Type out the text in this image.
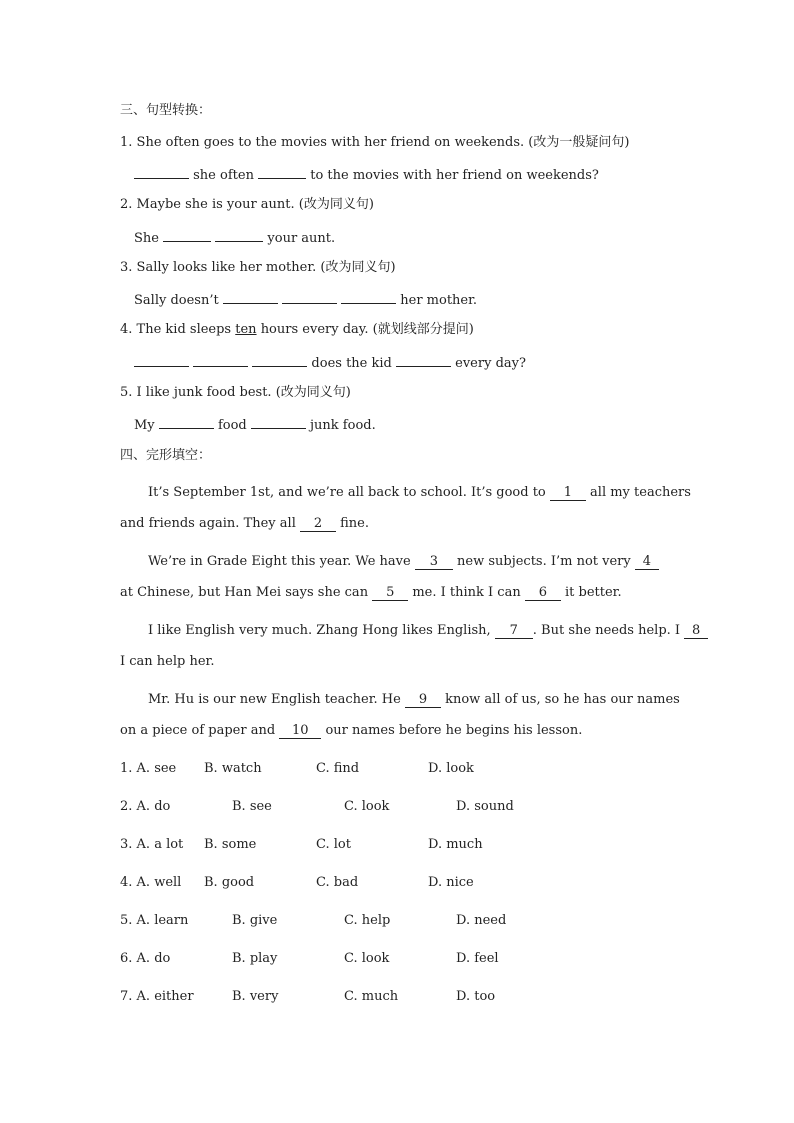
三、句型转换：
1. She often goes to the movies with her friend on weekends. (改为一般疑问句)
she often	to the movies with her friend on weekends?
2. Maybe she is your aunt. (改为同义句)
She	your aunt.
3. Sally looks like her mother. (改为同义句)
Sally doesn’t	her mother.
4. The kid sleeps ten hours every day. (就划线部分提问)
does the kid	every day?
5. I like junk food best. (改为同义句)
My	food	junk food.
四、完形填空：
It’s September 1st, and we’re all back to school. It’s good to 1 all my teachers
and friends again. They all 2 fine.
We’re in Grade Eight this year. We have 3 new subjects. I’m not very 4
at Chinese, but Han Mei says she can 5 me. I think I can 6 it better.
I like English very much. Zhang Hong likes English, 7 . But she needs help. I 8
I can help her.
Mr. Hu is our new English teacher. He 9 know all of us, so he has our names
on a piece of paper and 10 our names before he begins his lesson.
1. A. see B. watch	C. find	D. look
2. A. do	B. see	C. look	D. sound
3. A. a lot B. some	C. lot	D. much
4. A. well B. good	C. bad	D. nice
5. A. learn	B. give	C. help	D. need
6. A. do	B. play	C. look	D. feel
7. A. either	B. very	C. much	D. too
